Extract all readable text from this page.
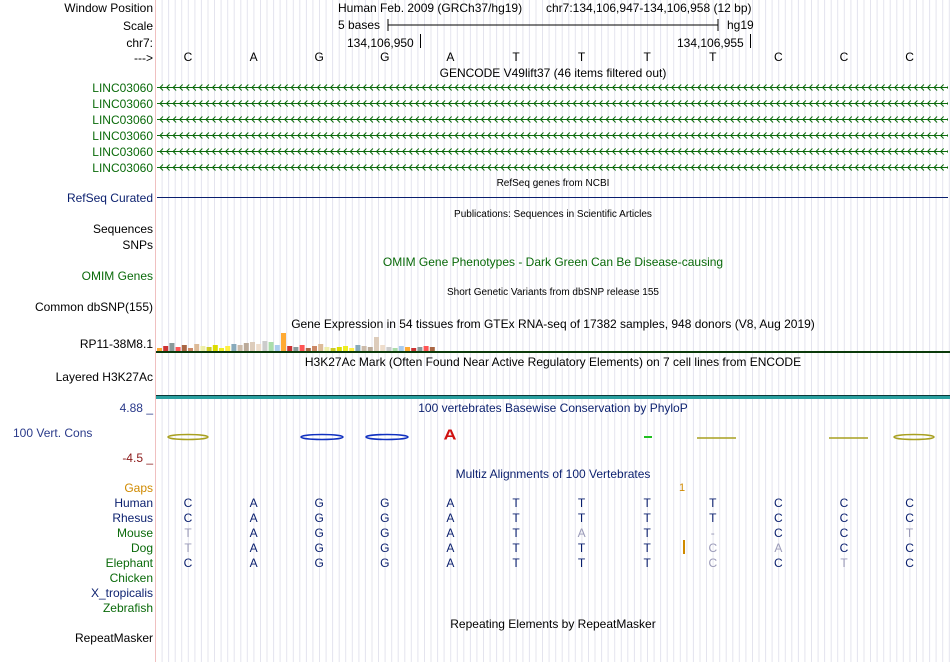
Window Position	Human Feb. 2009 (GRCh37/hg19) chr7:134,106,947-134,106,958 (12 bp)
Scale	5 bases	hg19
chr7:	134,106,950	134,106,955
--->	C	A	G	G	A	T	T	T	T	C	C	C
GENCODE V49lift37 (46 items filtered out)
LINC03060
LINC03060
LINC03060
LINC03060
LINC03060
LINC03060
RefSeq genes from NCBI
RefSeq Curated
Publications: Sequences in Scientific Articles
Sequences
SNPs
OMIM Gene Phenotypes - Dark Green Can Be Disease-causing
OMIM Genes
Short Genetic Variants from dbSNP release 155
Common dbSNP(155)
Gene Expression in 54 tissues from GTEx RNA-seq of 17382 samples, 948 donors (V8, Aug 2019)
RP11-38M8.1
H3K27Ac Mark (Often Found Near Active Regulatory Elements) on 7 cell lines from ENCODE
Layered H3K27Ac
100 vertebrates Basewise Conservation by PhyloP
4.88 _
100 Vert. Cons
-4.5 _
A
Multiz Alignments of 100 Vertebrates
Gaps	1
Human	C	A	G	G	A	T	T	T	T	C	C	C
Rhesus	C	A	G	G	A	T	T	T	T	C	C	C
Mouse	T	A	G	G	A	T	A	T	-	C	C	T
Dog	T	A	G	G	A	T	T	T	C	A	C	C
Elephant	C	A	G	G	A	T	T	T	C	C	T	C
Chicken
X_tropicalis
Zebrafish
Repeating Elements by RepeatMasker
RepeatMasker
